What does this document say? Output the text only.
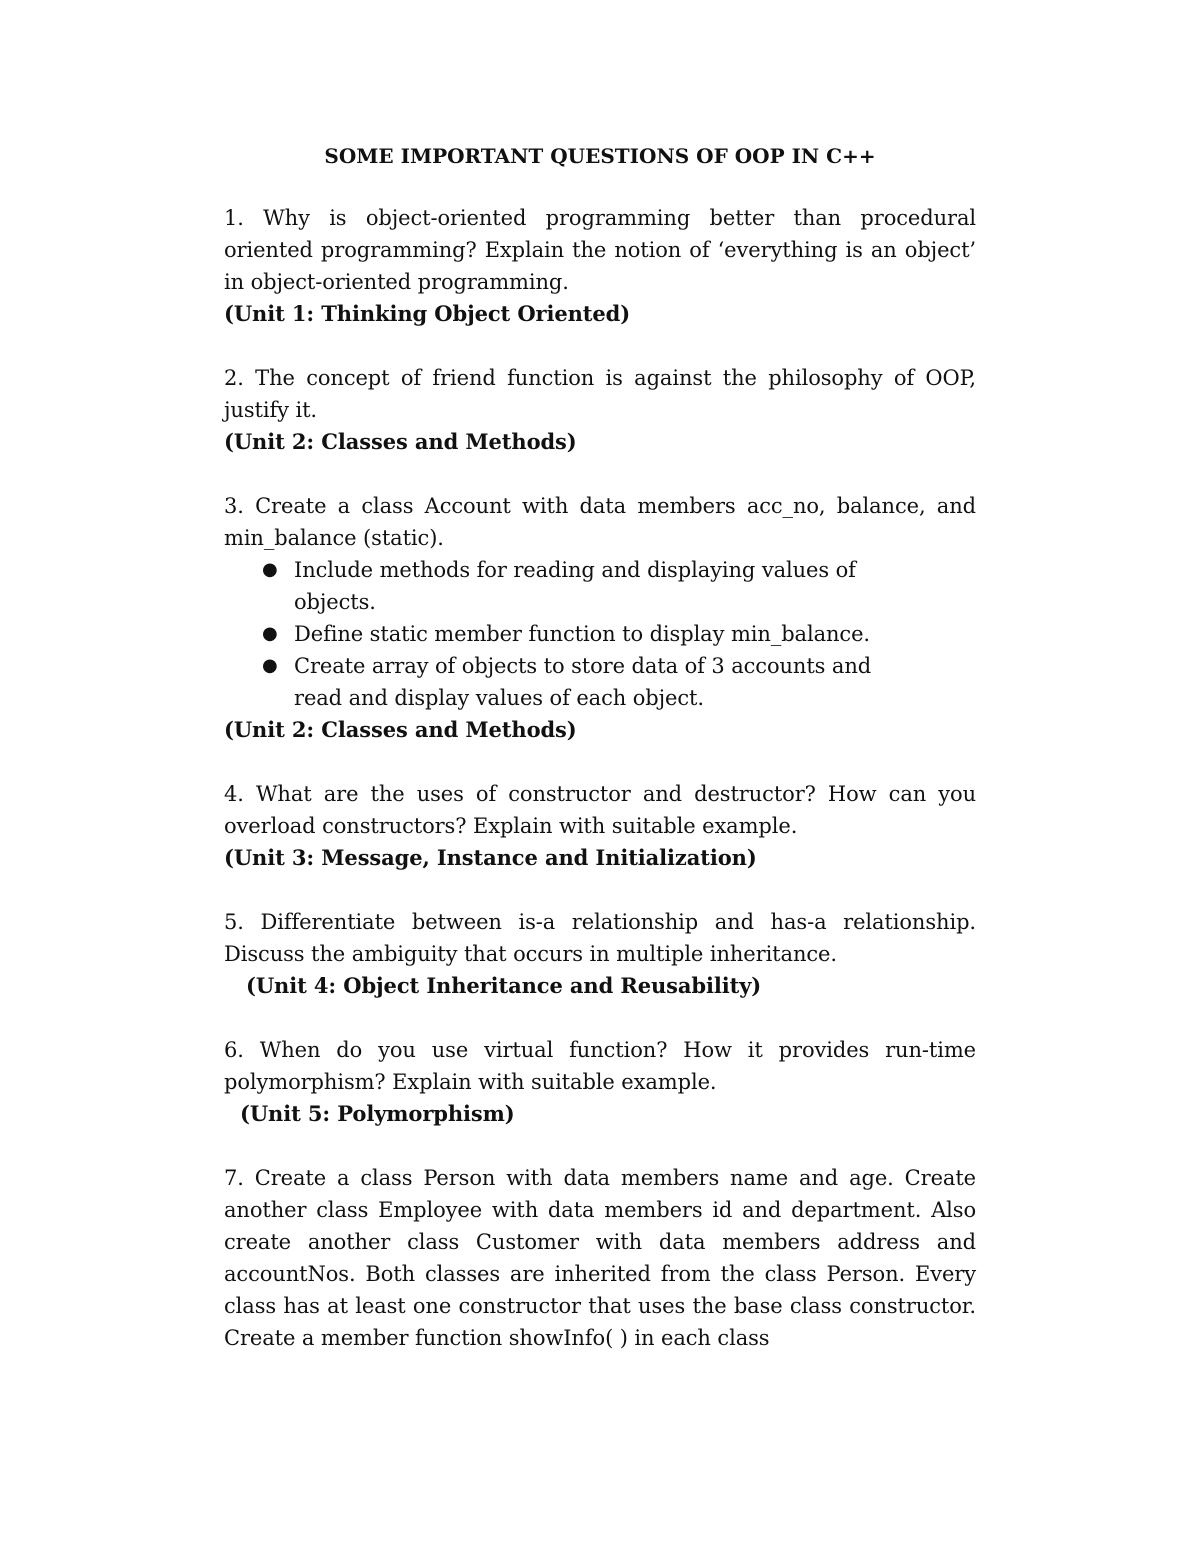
SOME IMPORTANT QUESTIONS OF OOP IN C++

1. Why is object-oriented programming better than procedural oriented programming? Explain the notion of ‘everything is an object’ in object-oriented programming.

(Unit 1: Thinking Object Oriented)

2. The concept of friend function is against the philosophy of OOP, justify it.

(Unit 2: Classes and Methods)

3. Create a class Account with data members acc_no, balance, and min_balance (static).

● Include methods for reading and displaying values of objects.
● Define static member function to display min_balance.
● Create array of objects to store data of 3 accounts and read and display values of each object.

(Unit 2: Classes and Methods)

4. What are the uses of constructor and destructor? How can you overload constructors? Explain with suitable example.

(Unit 3: Message, Instance and Initialization)

5. Differentiate between is-a relationship and has-a relationship. Discuss the ambiguity that occurs in multiple inheritance.

(Unit 4: Object Inheritance and Reusability)

6. When do you use virtual function? How it provides run-time polymorphism? Explain with suitable example.

(Unit 5: Polymorphism)

7. Create a class Person with data members name and age. Create another class Employee with data members id and department. Also create another class Customer with data members address and accountNos. Both classes are inherited from the class Person. Every class has at least one constructor that uses the base class constructor. Create a member function showInfo( ) in each class
